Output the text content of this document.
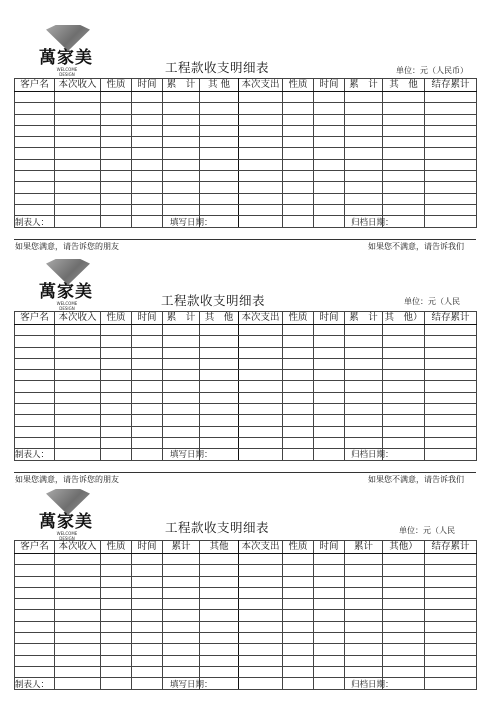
萬家美
WELCOME DESIGN	工程款收支明细表	单位：元（人民币）
客户名	本次收入	性质	时间	累　计	其 他	本次支出	性质	时间	累　计	其　他	结存累计

制表人：	填写日期：	归档日期：
如果您满意，请告诉您的朋友	如果您不满意，请告诉我们
萬家美
WELCOME DESIGN	工程款收支明细表	单位：元（人民
客户名	本次收入	性质	时间	累　计	其　他	本次支出	性质	时间	累　计	其　他）	结存累计

制表人：	填写日期：	归档日期：
如果您满意，请告诉您的朋友	如果您不满意，请告诉我们
萬家美
WELCOME DESIGN
工程款收支明细表	单位：元（人民
客户名	本次收入	性质	时间	累计	其他	本次支出	性质	时间	累计	其他）	结存累计

制表人：	填写日期：	归档日期：
